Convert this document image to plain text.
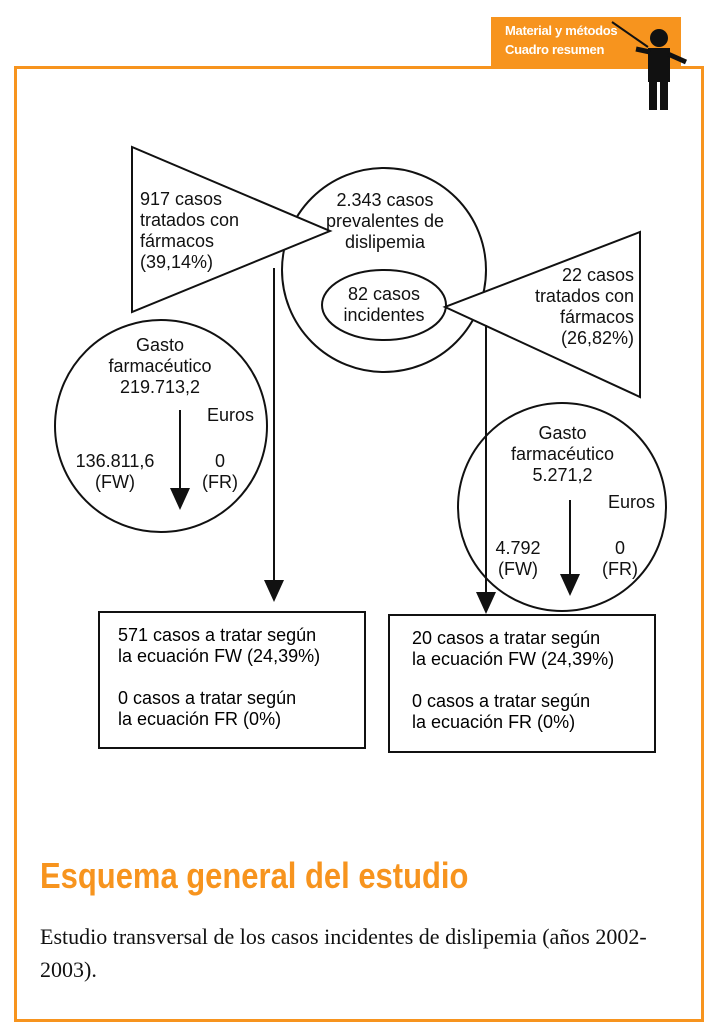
Material y métodos
Cuadro resumen
917 casos
tratados con
fármacos
(39,14%)
2.343 casos
prevalentes de
dislipemia
82 casos
incidentes
22 casos
tratados con
fármacos
(26,82%)
Gasto
farmacéutico
219.713,2
Euros
136.811,6
(FW)
0
(FR)
Gasto
farmacéutico
5.271,2
Euros
4.792
(FW)
0
(FR)

571 casos a tratar según
la ecuación FW (24,39%)

0 casos a tratar según
la ecuación FR (0%)

20 casos a tratar según
la ecuación FW (24,39%)

0 casos a tratar según
la ecuación FR (0%)

Esquema general del estudio
Estudio transversal de los casos incidentes de dislipemia (años 2002-2003).
